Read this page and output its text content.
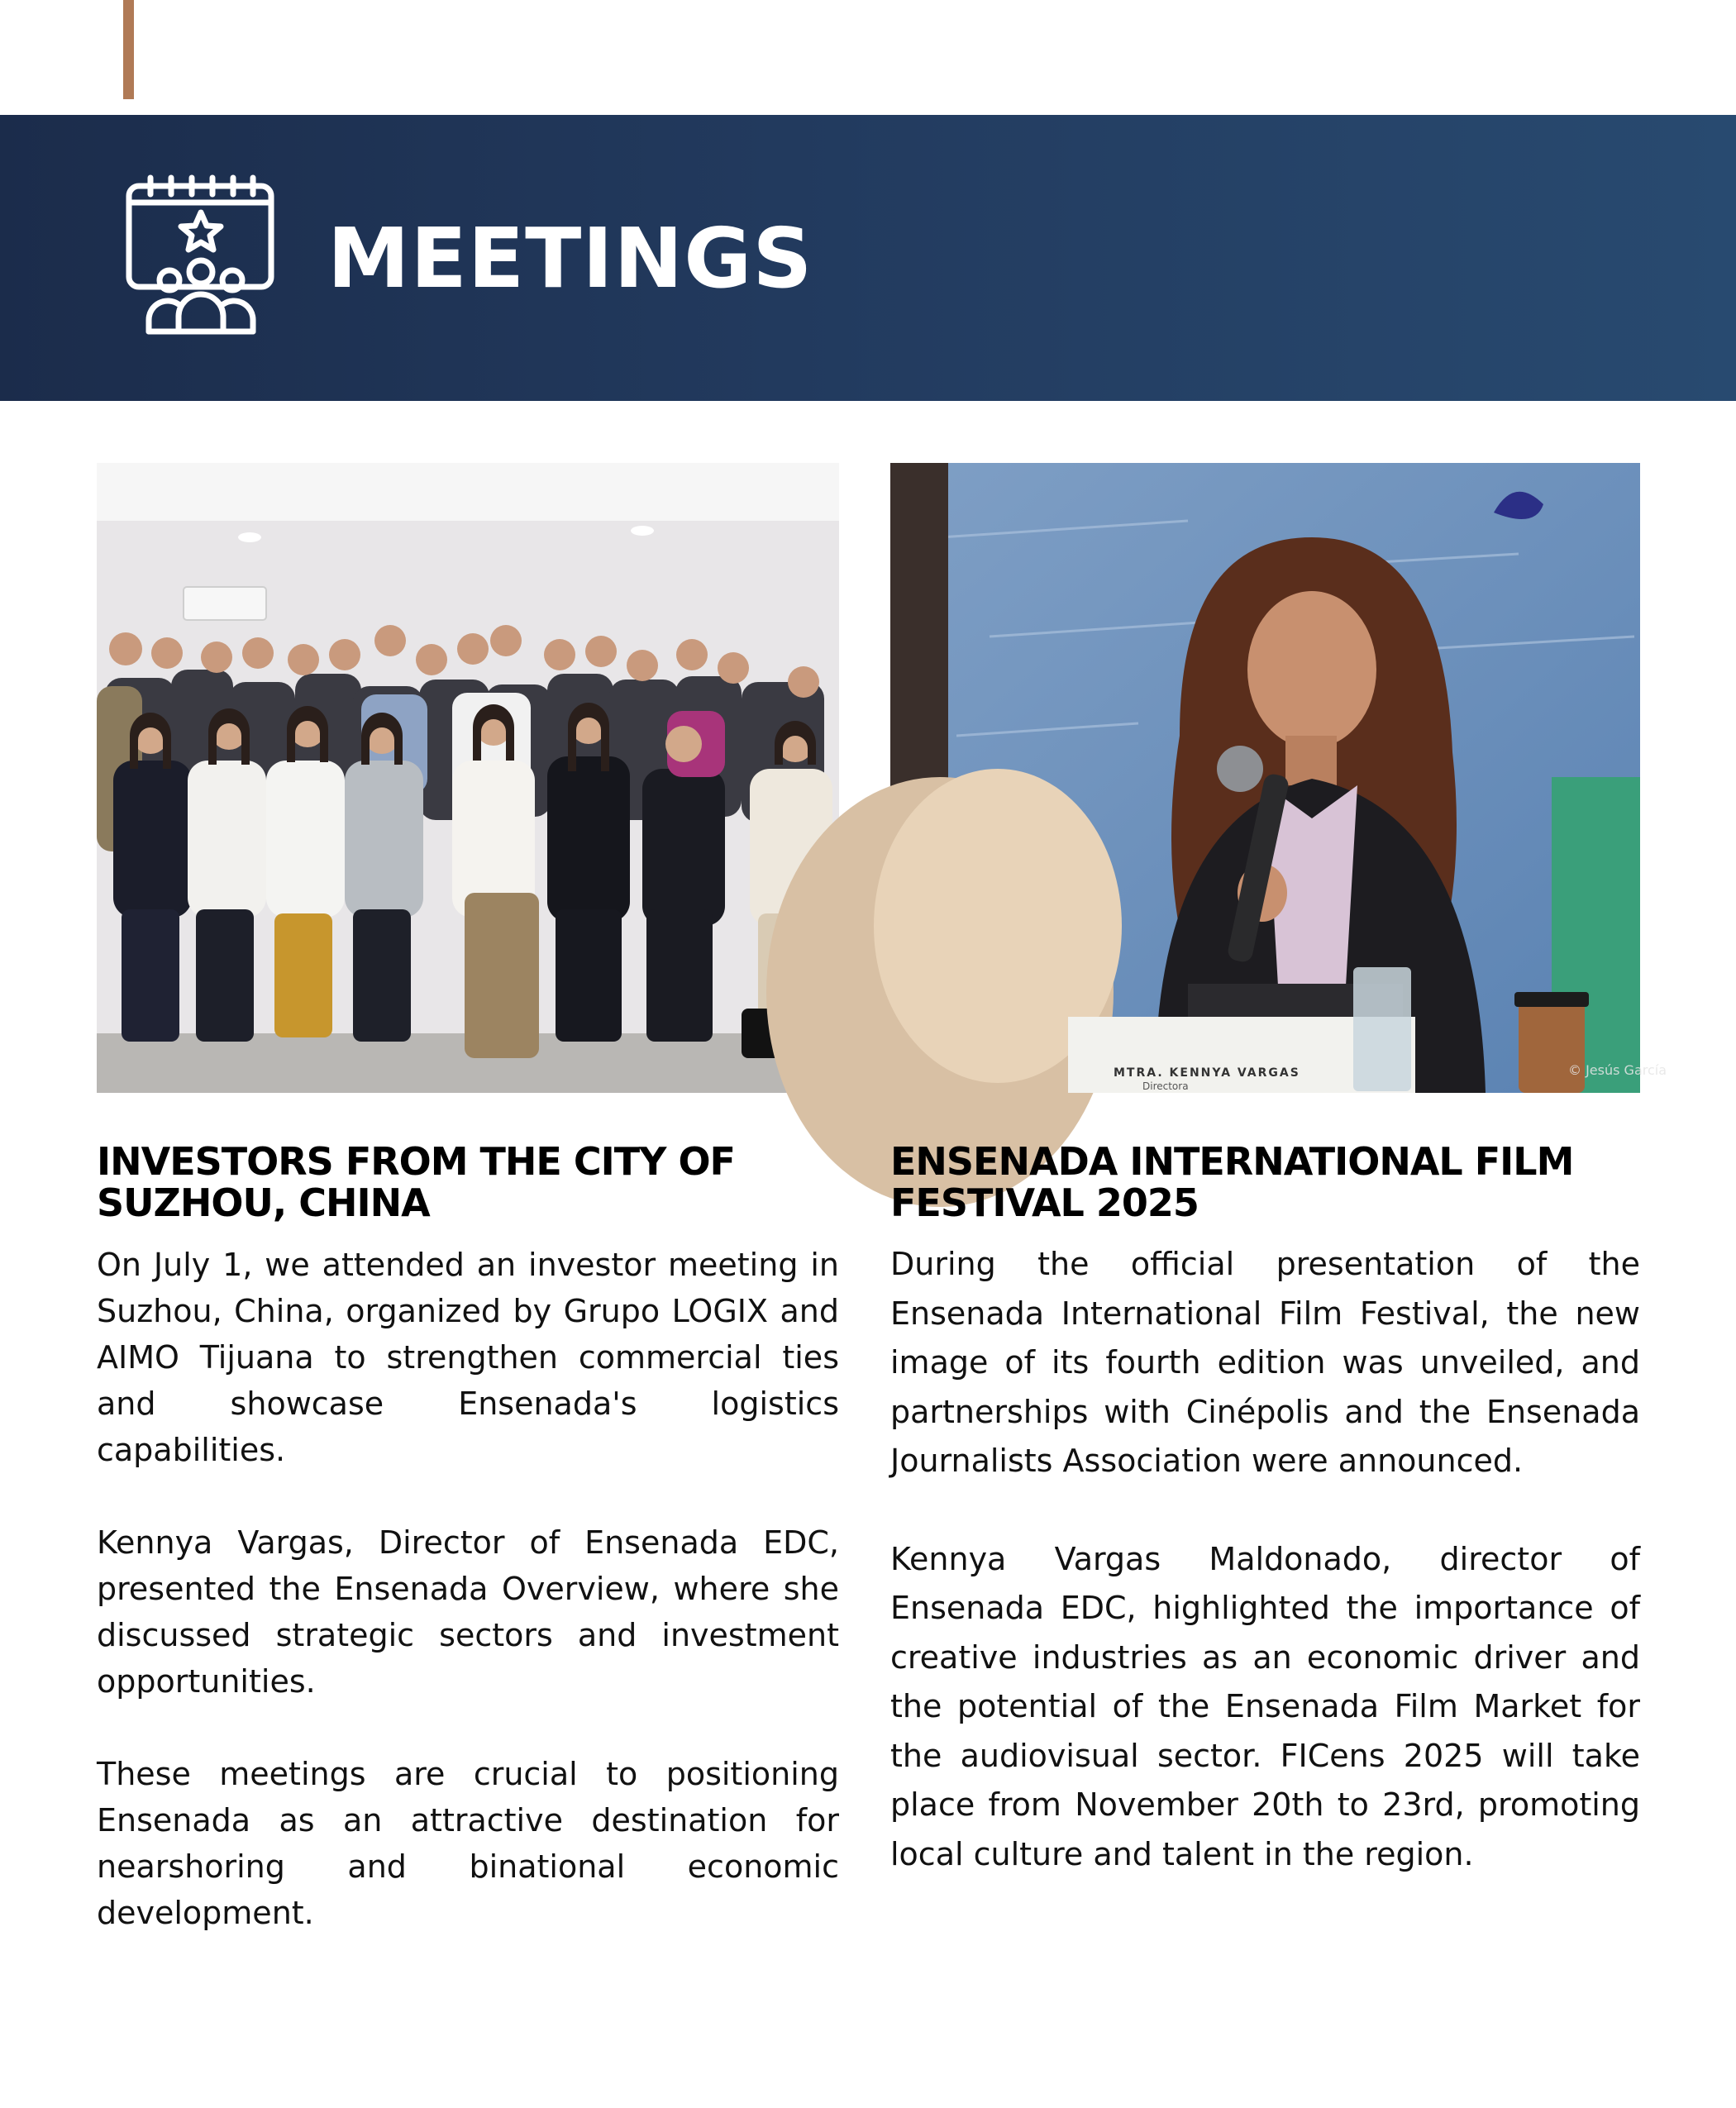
MEETINGS
MTRA. KENNYA VARGAS
Directora
© Jesús García
INVESTORS FROM THE CITY OF SUZHOU, CHINA

On July 1, we attended an investor meeting in Suzhou, China, organized by Grupo LOGIX and AIMO Tijuana to strengthen commercial ties and showcase Ensenada's logistics capabilities.

Kennya Vargas, Director of Ensenada EDC, presented the Ensenada Overview, where she discussed strategic sectors and investment opportunities.

These meetings are crucial to positioning Ensenada as an attractive destination for nearshoring and binational economic development.

ENSENADA INTERNATIONAL FILM FESTIVAL 2025

During the official presentation of the Ensenada International Film Festival, the new image of its fourth edition was unveiled, and partnerships with Cinépolis and the Ensenada Journalists Association were announced.

Kennya Vargas Maldonado, director of Ensenada EDC, highlighted the importance of creative industries as an economic driver and the potential of the Ensenada Film Market for the audiovisual sector. FICens 2025 will take place from November 20th to 23rd, promoting local culture and talent in the region.
